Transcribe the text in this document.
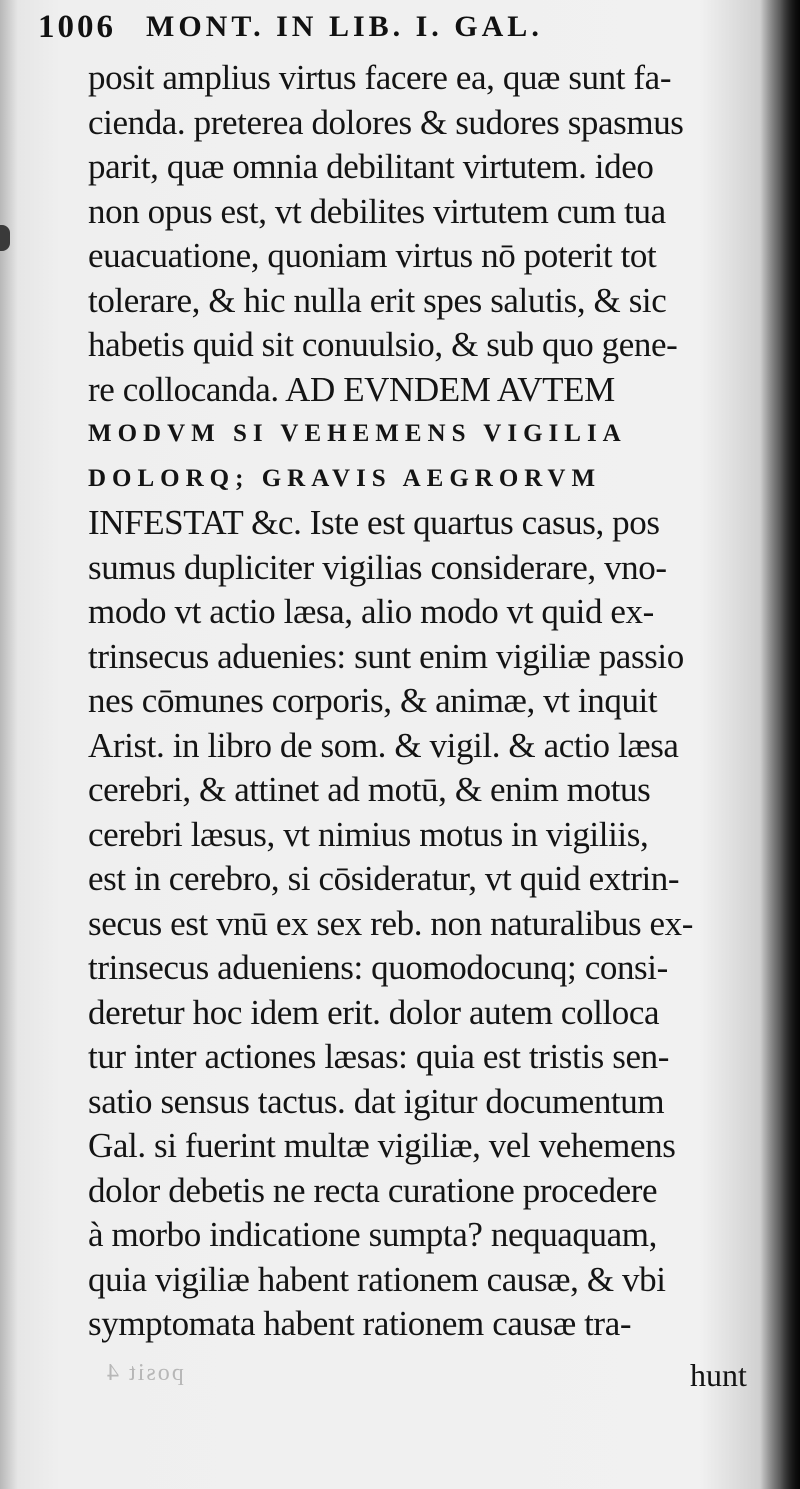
1006 MONT. IN LIB. I. GAL.
posit amplius virtus facere ea, quæ sunt fa-
cienda. preterea dolores & sudores spasmus
parit, quæ omnia debilitant virtutem. ideo
non opus est, vt debilites virtutem cum tua
euacuatione, quoniam virtus nō poterit tot
tolerare, & hic nulla erit spes salutis, & sic
habetis quid sit conuulsio, & sub quo gene-
re collocanda. AD EVNDEM AVTEM
MODVM SI VEHEMENS VIGILIA
DOLORQ; GRAVIS AEGRORVM
INFESTAT &c. Iste est quartus casus, pos
sumus dupliciter vigilias considerare, vno-
modo vt actio læsa, alio modo vt quid ex-
trinsecus aduenies: sunt enim vigiliæ passio
nes cōmunes corporis, & animæ, vt inquit
Arist. in libro de som. & vigil. & actio læsa
cerebri, & attinet ad motū, & enim motus
cerebri læsus, vt nimius motus in vigiliis,
est in cerebro, si cōsideratur, vt quid extrin-
secus est vnū ex sex reb. non naturalibus ex-
trinsecus adueniens: quomodocunq; consi-
deretur hoc idem erit. dolor autem colloca
tur inter actiones læsas: quia est tristis sen-
satio sensus tactus. dat igitur documentum
Gal. si fuerint multæ vigiliæ, vel vehemens
dolor debetis ne recta curatione procedere
à morbo indicatione sumpta? nequaquam,
quia vigiliæ habent rationem causæ, & vbi
symptomata habent rationem causæ tra-
posit 4	hunt
